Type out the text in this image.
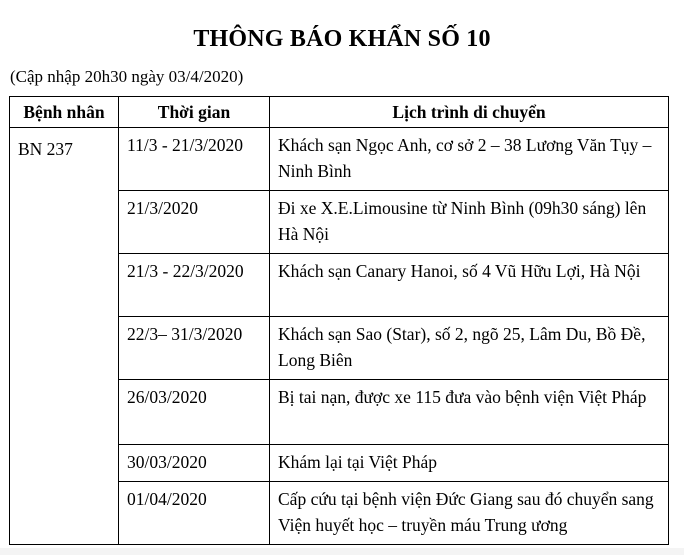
THÔNG BÁO KHẨN SỐ 10
(Cập nhập 20h30 ngày 03/4/2020)
Bệnh nhân	Thời gian	Lịch trình di chuyển
BN 237	11/3 - 21/3/2020	Khách sạn Ngọc Anh, cơ sở 2 – 38 Lương Văn Tụy – Ninh Bình
	21/3/2020	Đi xe X.E.Limousine từ Ninh Bình (09h30 sáng) lên Hà Nội
	21/3 - 22/3/2020	Khách sạn Canary Hanoi, số 4 Vũ Hữu Lợi, Hà Nội
	22/3– 31/3/2020	Khách sạn Sao (Star), số 2, ngõ 25, Lâm Du, Bồ Đề, Long Biên
	26/03/2020	Bị tai nạn, được xe 115 đưa vào bệnh viện Việt Pháp
	30/03/2020	Khám lại tại Việt Pháp
	01/04/2020	Cấp cứu tại bệnh viện Đức Giang sau đó chuyển sang Viện huyết học – truyền máu Trung ương
